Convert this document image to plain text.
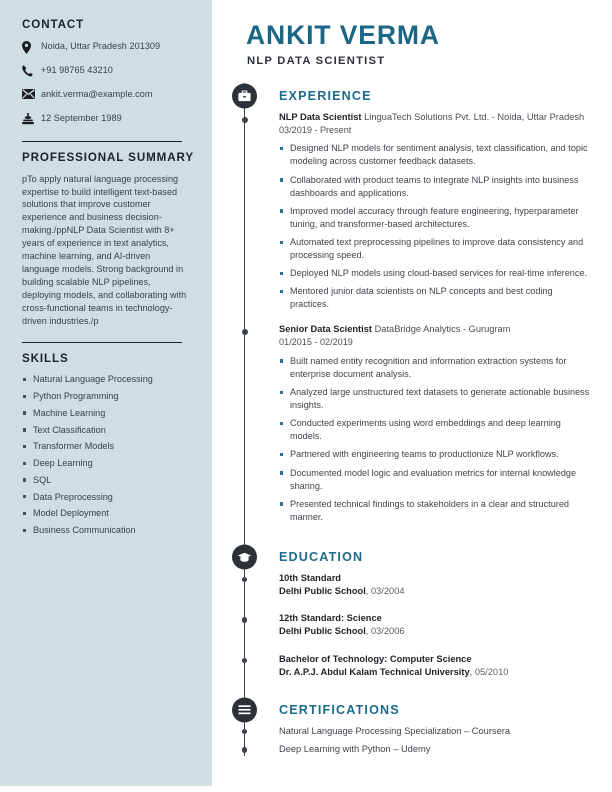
CONTACT
Noida, Uttar Pradesh 201309
+91 98765 43210
ankit.verma@example.com
12 September 1989
PROFESSIONAL SUMMARY

pTo apply natural language processing expertise to build intelligent text-based solutions that improve customer experience and business decision-making./ppNLP Data Scientist with 8+ years of experience in text analytics, machine learning, and AI-driven language models. Strong background in building scalable NLP pipelines, deploying models, and collaborating with cross-functional teams in technology-driven industries./p

SKILLS
Natural Language Processing
Python Programming
Machine Learning
Text Classification
Transformer Models
Deep Learning
SQL
Data Preprocessing
Model Deployment
Business Communication
ANKIT VERMA
NLP DATA SCIENTIST
EXPERIENCE
NLP Data Scientist LinguaTech Solutions Pvt. Ltd. - Noida, Uttar Pradesh
03/2019 - Present
Designed NLP models for sentiment analysis, text classification, and topic modeling across customer feedback datasets.
Collaborated with product teams to integrate NLP insights into business dashboards and applications.
Improved model accuracy through feature engineering, hyperparameter tuning, and transformer-based architectures.
Automated text preprocessing pipelines to improve data consistency and processing speed.
Deployed NLP models using cloud-based services for real-time inference.
Mentored junior data scientists on NLP concepts and best coding practices.
Senior Data Scientist DataBridge Analytics - Gurugram
01/2015 - 02/2019
Built named entity recognition and information extraction systems for enterprise document analysis.
Analyzed large unstructured text datasets to generate actionable business insights.
Conducted experiments using word embeddings and deep learning models.
Partnered with engineering teams to productionize NLP workflows.
Documented model logic and evaluation metrics for internal knowledge sharing.
Presented technical findings to stakeholders in a clear and structured manner.
EDUCATION
10th Standard
Delhi Public School, 03/2004
12th Standard: Science
Delhi Public School, 03/2006
Bachelor of Technology: Computer Science
Dr. A.P.J. Abdul Kalam Technical University, 05/2010
CERTIFICATIONS
Natural Language Processing Specialization – Coursera
Deep Learning with Python – Udemy
